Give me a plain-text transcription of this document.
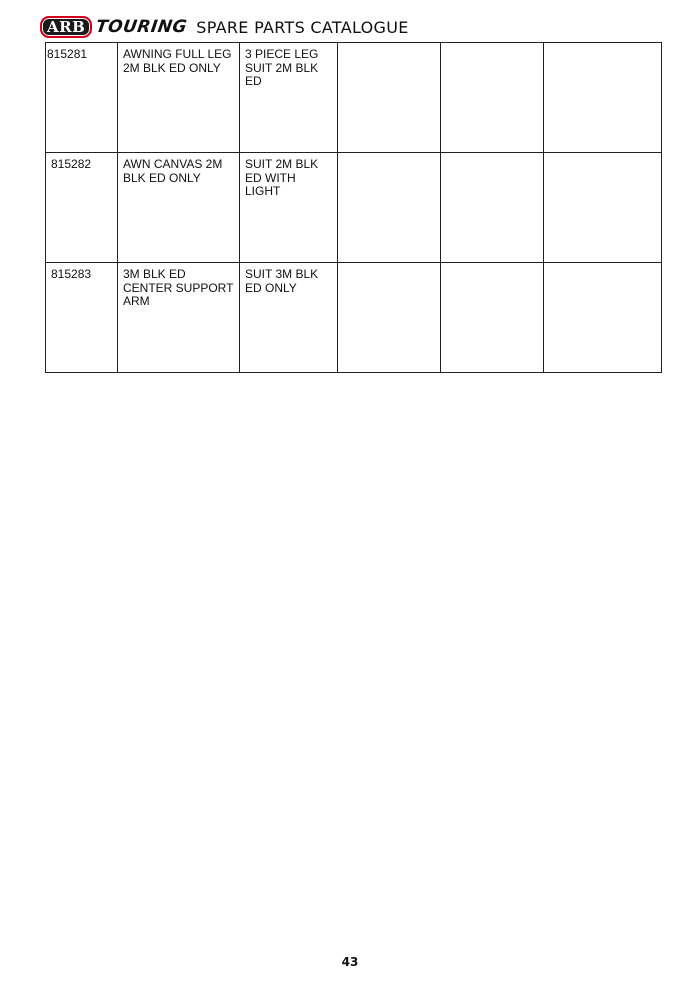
ARB TOURING SPARE PARTS CATALOGUE
815281	AWNING FULL LEG 2M BLK ED ONLY	3 PIECE LEG SUIT 2M BLK ED			
815282	AWN CANVAS 2M BLK ED ONLY	SUIT 2M BLK ED WITH LIGHT			
815283	3M BLK ED CENTER SUPPORT ARM	SUIT 3M BLK ED ONLY			
43
